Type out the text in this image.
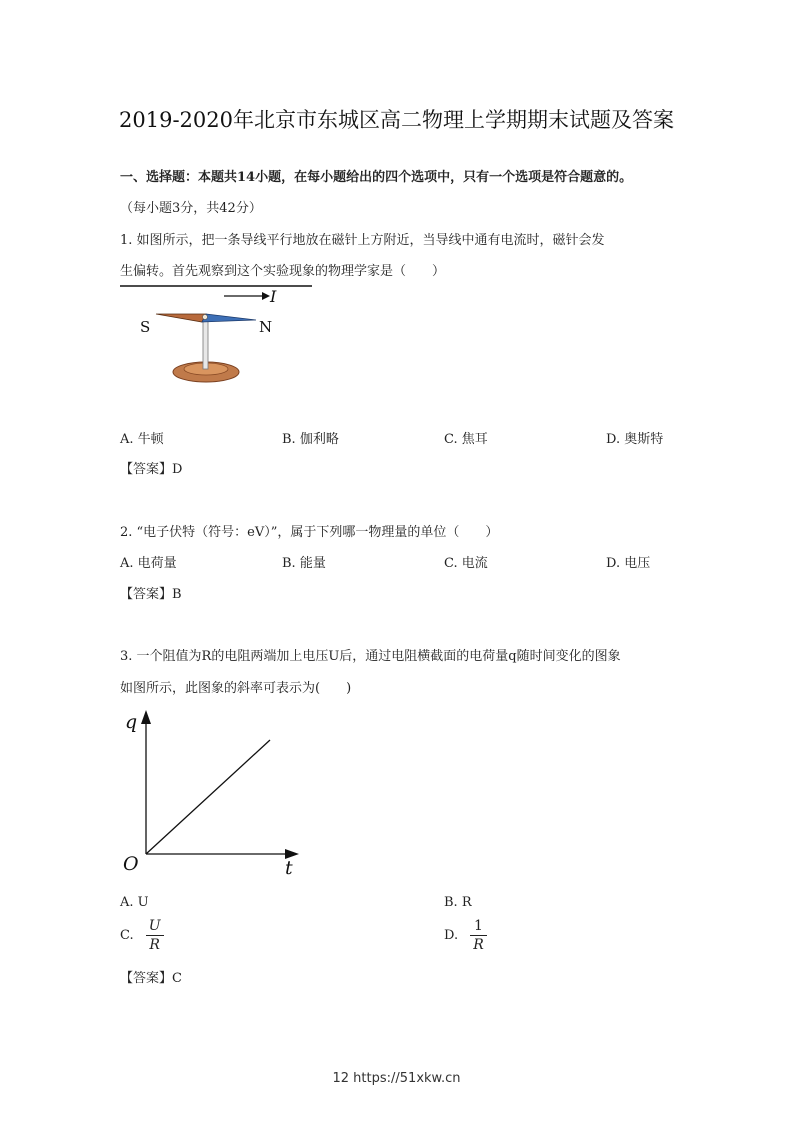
2019-2020年北京市东城区高二物理上学期期末试题及答案
一、选择题：本题共14小题，在每小题给出的四个选项中，只有一个选项是符合题意的。
（每小题3分，共42分）
1. 如图所示，把一条导线平行地放在磁针上方附近，当导线中通有电流时，磁针会发
生偏转。首先观察到这个实验现象的物理学家是（　　）
I
S	N
A. 牛顿	B. 伽利略	C. 焦耳	D. 奥斯特
【答案】D
2. “电子伏特（符号：eV）”，属于下列哪一物理量的单位（　　）
A. 电荷量	B. 能量	C. 电流	D. 电压
【答案】B
3. 一个阻值为R的电阻两端加上电压U后，通过电阻横截面的电荷量q随时间变化的图象
如图所示，此图象的斜率可表示为(　　)
q
t
O
A. U	B. R
C. $\frac{U}{R}$	D. $\frac{1}{R}$
【答案】C
12 https://51xkw.cn
